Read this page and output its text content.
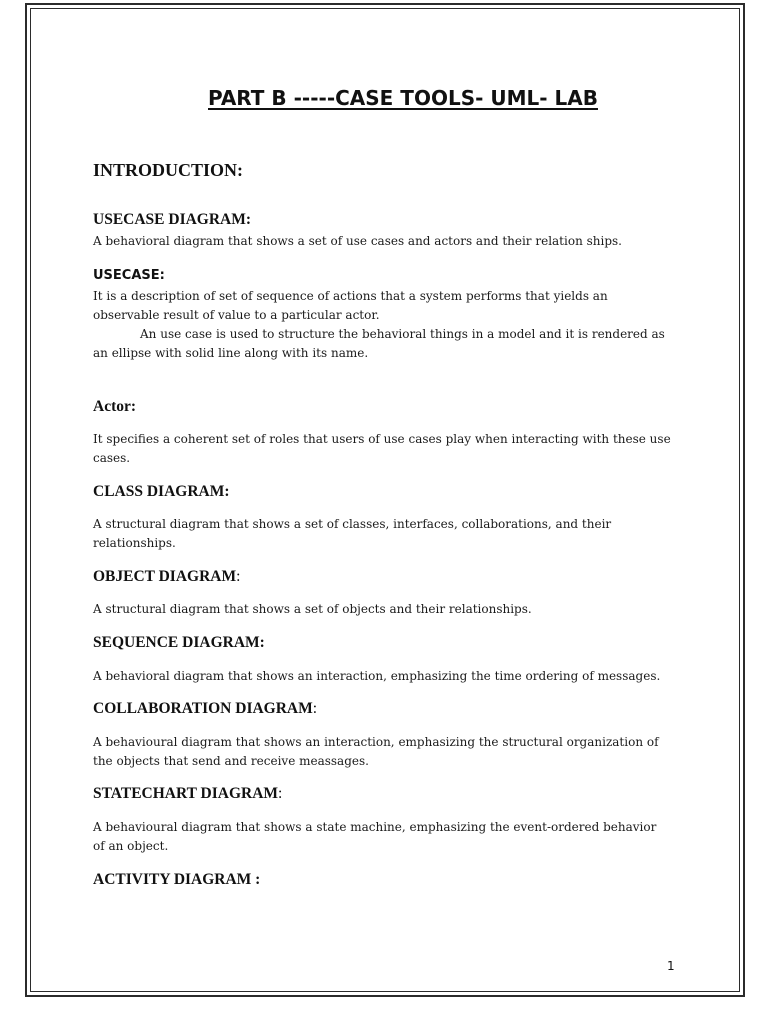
PART B -----CASE TOOLS- UML- LAB
INTRODUCTION:
USECASE DIAGRAM:
A behavioral diagram that shows a set of use cases and actors and their relation ships.
USECASE:
It is a description of set of sequence of actions that a system performs that yields an
observable result of value to a particular actor.
An use case is used to structure the behavioral things in a model and it is rendered as
an ellipse with solid line along with its name.
Actor:
It specifies a coherent set of roles that users of use cases play when interacting with these use
cases.
CLASS DIAGRAM:
A structural diagram that shows a set of classes, interfaces, collaborations, and their
relationships.
OBJECT DIAGRAM:
A structural diagram that shows a set of objects and their relationships.
SEQUENCE DIAGRAM:
A behavioral diagram that shows an interaction, emphasizing the time ordering of messages.
COLLABORATION DIAGRAM:
A behavioural diagram that shows an interaction, emphasizing the structural organization of
the objects that send and receive meassages.
STATECHART DIAGRAM:
A behavioural diagram that shows a state machine, emphasizing the event-ordered behavior
of an object.
ACTIVITY DIAGRAM :
1
